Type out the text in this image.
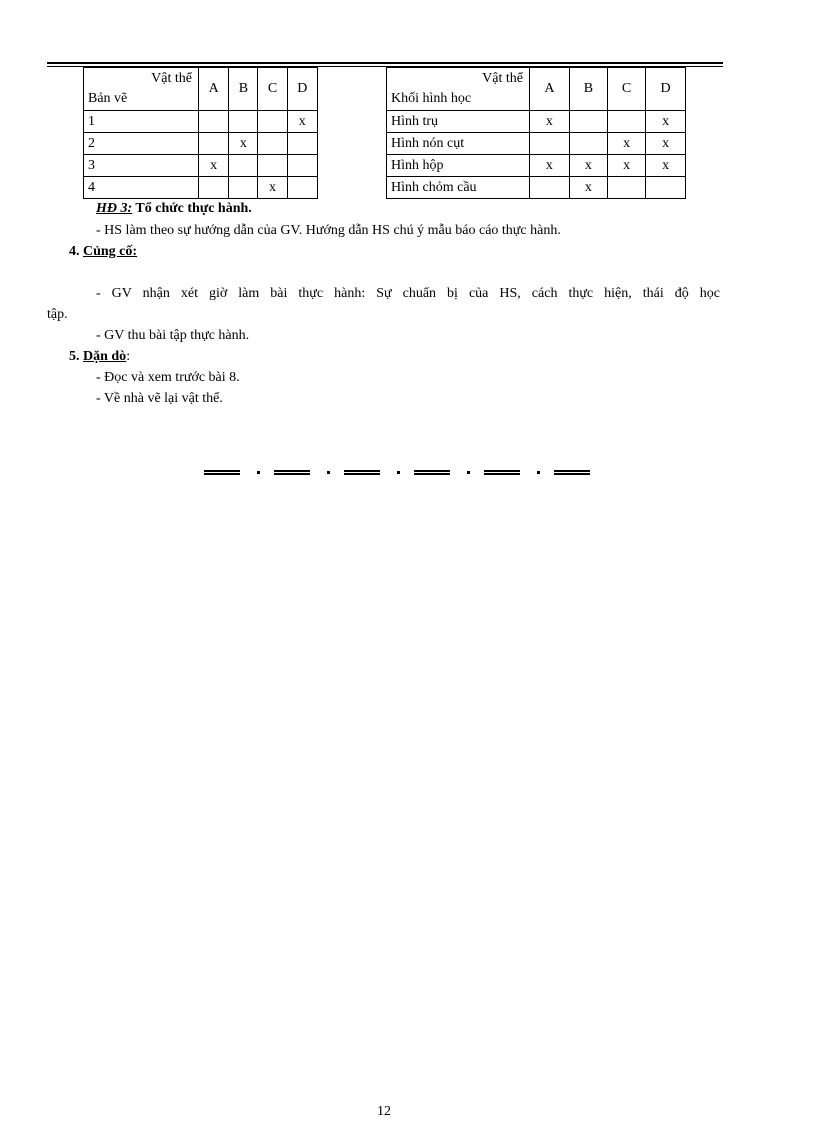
Vật thể
Bản vẽ	A	B	C	D
1				x
2		x		
3	x			
4			x	
Vật thể
Khối hình học	A	B	C	D
Hình trụ	x			x
Hình nón cụt			x	x
Hình hộp	x	x	x	x
Hình chỏm cầu		x		
HĐ 3: Tổ chức thực hành.
- HS làm theo sự hướng dẫn của GV. Hướng dẫn HS chú ý mẫu báo cáo thực hành.
4. Củng cố:
- GV nhận xét giờ làm bài thực hành: Sự chuẩn bị của HS, cách thực hiện, thái độ học
tập.
- GV thu bài tập thực hành.
5. Dặn dò:
- Đọc và xem trước bài 8.
- Về nhà vẽ lại vật thể.
12
